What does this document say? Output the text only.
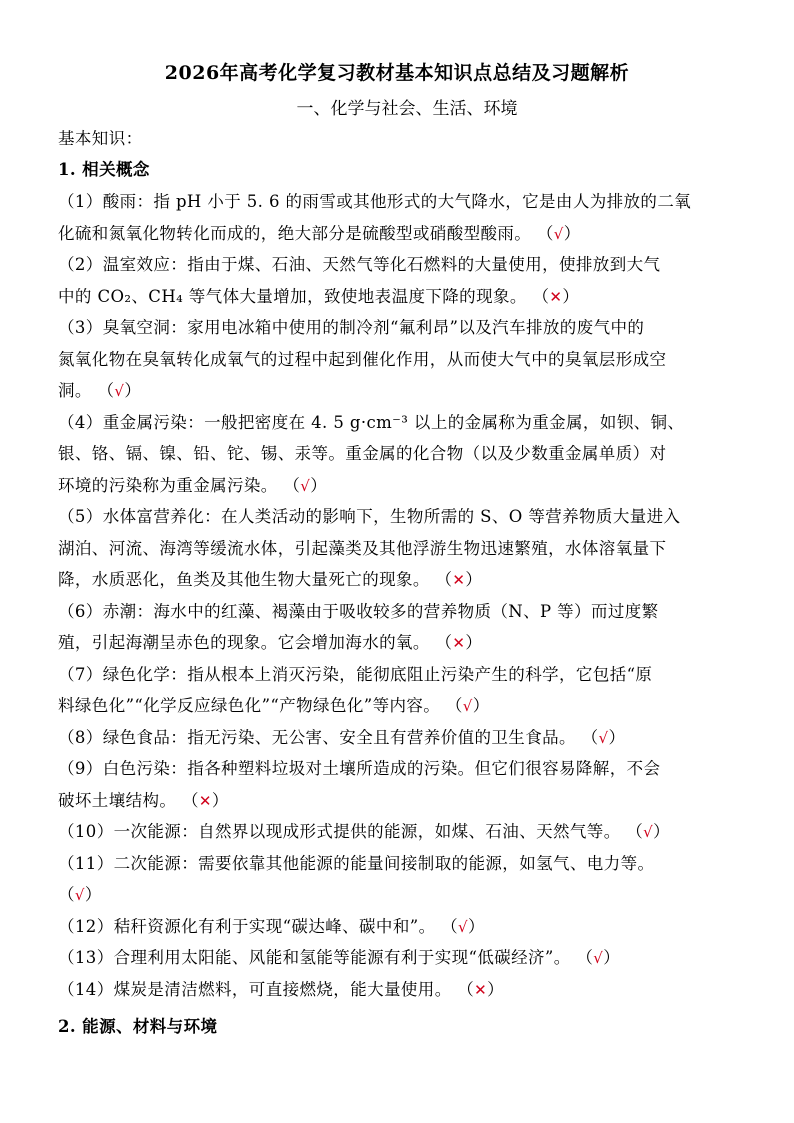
2026年高考化学复习教材基本知识点总结及习题解析
一、化学与社会、生活、环境
基本知识：
1. 相关概念
（1）酸雨：指 pH 小于 5. 6 的雨雪或其他形式的大气降水，它是由人为排放的二氧
化硫和氮氧化物转化而成的，绝大部分是硫酸型或硝酸型酸雨。 （√）
（2）温室效应：指由于煤、石油、天然气等化石燃料的大量使用，使排放到大气
中的 CO₂、CH₄ 等气体大量增加，致使地表温度下降的现象。 （✕）
（3）臭氧空洞：家用电冰箱中使用的制冷剂“氟利昂”以及汽车排放的废气中的
氮氧化物在臭氧转化成氧气的过程中起到催化作用，从而使大气中的臭氧层形成空
洞。 （√）
（4）重金属污染：一般把密度在 4. 5 g·cm⁻³ 以上的金属称为重金属，如钡、铜、
银、铬、镉、镍、铅、铊、锡、汞等。重金属的化合物（以及少数重金属单质）对
环境的污染称为重金属污染。 （√）
（5）水体富营养化：在人类活动的影响下，生物所需的 S、O 等营养物质大量进入
湖泊、河流、海湾等缓流水体，引起藻类及其他浮游生物迅速繁殖，水体溶氧量下
降，水质恶化，鱼类及其他生物大量死亡的现象。 （✕）
（6）赤潮：海水中的红藻、褐藻由于吸收较多的营养物质（N、P 等）而过度繁
殖，引起海潮呈赤色的现象。它会增加海水的氧。 （✕）
（7）绿色化学：指从根本上消灭污染，能彻底阻止污染产生的科学，它包括“原
料绿色化”“化学反应绿色化”“产物绿色化”等内容。 （√）
（8）绿色食品：指无污染、无公害、安全且有营养价值的卫生食品。 （√）
（9）白色污染：指各种塑料垃圾对土壤所造成的污染。但它们很容易降解，不会
破坏土壤结构。 （✕）
（10）一次能源：自然界以现成形式提供的能源，如煤、石油、天然气等。 （√）
（11）二次能源：需要依靠其他能源的能量间接制取的能源，如氢气、电力等。
（√）
（12）秸秆资源化有利于实现“碳达峰、碳中和”。 （√）
（13）合理利用太阳能、风能和氢能等能源有利于实现“低碳经济”。 （√）
（14）煤炭是清洁燃料，可直接燃烧，能大量使用。 （✕）
2. 能源、材料与环境
